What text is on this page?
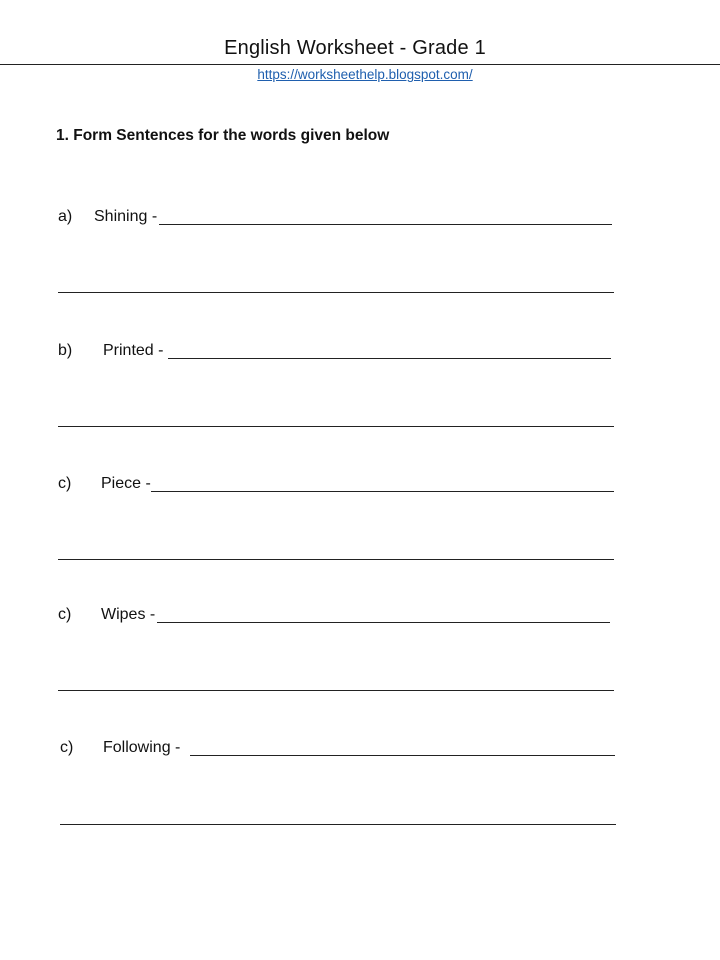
English Worksheet - Grade 1
https://worksheethelp.blogspot.com/
1. Form Sentences for the words given below
a) Shining -
b) Printed -
c) Piece -
c) Wipes -
c) Following -
